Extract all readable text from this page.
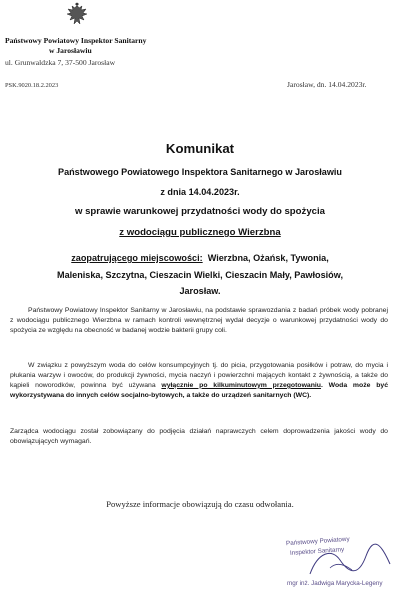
Państwowy Powiatowy Inspektor Sanitarny
w Jarosławiu
ul. Grunwaldzka 7, 37-500 Jarosław
PSK.9020.18.2.2023	Jarosław, dn. 14.04.2023r.
Komunikat
Państwowego Powiatowego Inspektora Sanitarnego w Jarosławiu
z dnia 14.04.2023r.
w sprawie warunkowej przydatności wody do spożycia
z wodociągu publicznego Wierzbna
zaopatrującego miejscowości: Wierzbna, Ożańsk, Tywonia,
Maleniska, Szczytna, Cieszacin Wielki, Cieszacin Mały, Pawłosiów,
Jarosław.
Państwowy Powiatowy Inspektor Sanitarny w Jarosławiu, na podstawie sprawozdania z badań próbek wody pobranej z wodociągu publicznego Wierzbna w ramach kontroli wewnętrznej wydał decyzje o warunkowej przydatności wody do spożycia ze względu na obecność w badanej wodzie bakterii grupy coli.
W związku z powyższym woda do celów konsumpcyjnych tj. do picia, przygotowania posiłków i potraw, do mycia i płukania warzyw i owoców, do produkcji żywności, mycia naczyń i powierzchni mających kontakt z żywnością, a także do kąpieli noworodków, powinna być używana wyłącznie po kilkuminutowym przegotowaniu. Woda może być wykorzystywana do innych celów socjalno-bytowych, a także do urządzeń sanitarnych (WC).
Zarządca wodociągu został zobowiązany do podjęcia działań naprawczych celem doprowadzenia jakości wody do obowiązujących wymagań.
Powyższe informacje obowiązują do czasu odwołania.
Państwowy Powiatowy
Inspektor Sanitarny
mgr inż. Jadwiga Marycka-Legeny
